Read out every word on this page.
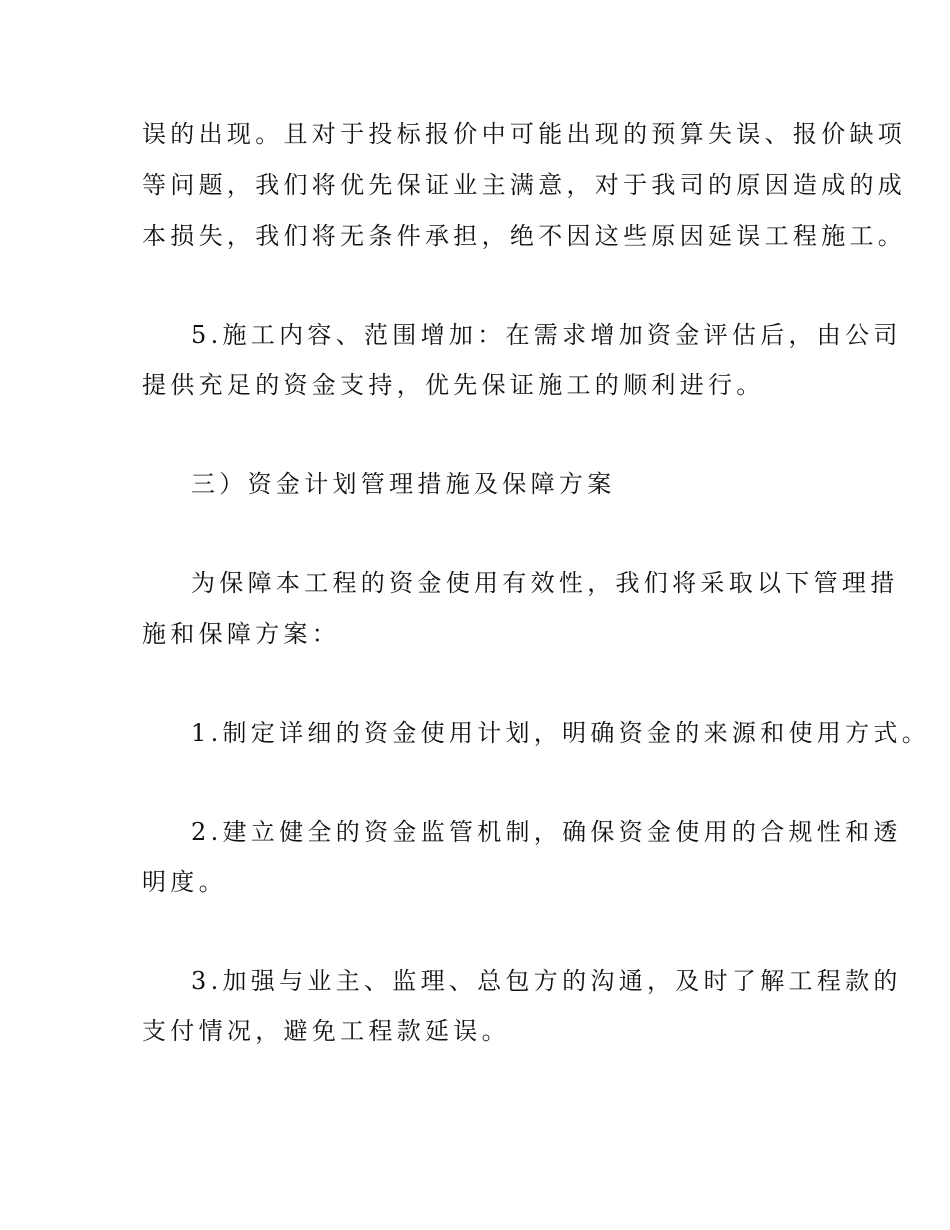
误的出现。且对于投标报价中可能出现的预算失误、报价缺项
等问题，我们将优先保证业主满意，对于我司的原因造成的成
本损失，我们将无条件承担，绝不因这些原因延误工程施工。
5.施工内容、范围增加：在需求增加资金评估后，由公司
提供充足的资金支持，优先保证施工的顺利进行。
三）资金计划管理措施及保障方案
为保障本工程的资金使用有效性，我们将采取以下管理措
施和保障方案：
1.制定详细的资金使用计划，明确资金的来源和使用方式。
2.建立健全的资金监管机制，确保资金使用的合规性和透
明度。
3.加强与业主、监理、总包方的沟通，及时了解工程款的
支付情况，避免工程款延误。
